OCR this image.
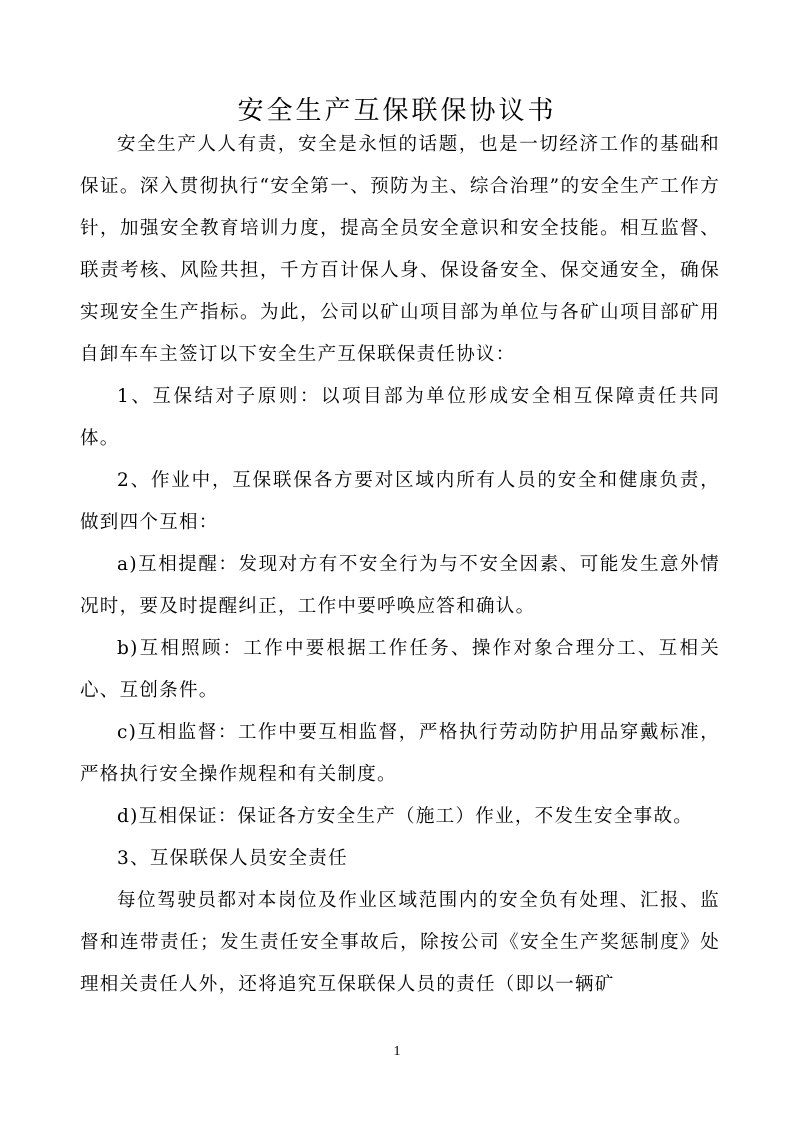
安全生产互保联保协议书

安全生产人人有责，安全是永恒的话题，也是一切经济工作的基础和保证。深入贯彻执行“安全第一、预防为主、综合治理”的安全生产工作方针，加强安全教育培训力度，提高全员安全意识和安全技能。相互监督、联责考核、风险共担，千方百计保人身、保设备安全、保交通安全，确保实现安全生产指标。为此，公司以矿山项目部为单位与各矿山项目部矿用自卸车车主签订以下安全生产互保联保责任协议：

1、互保结对子原则：以项目部为单位形成安全相互保障责任共同体。

2、作业中，互保联保各方要对区域内所有人员的安全和健康负责，做到四个互相：

a)互相提醒：发现对方有不安全行为与不安全因素、可能发生意外情况时，要及时提醒纠正，工作中要呼唤应答和确认。

b)互相照顾：工作中要根据工作任务、操作对象合理分工、互相关心、互创条件。

c)互相监督：工作中要互相监督，严格执行劳动防护用品穿戴标准，严格执行安全操作规程和有关制度。

d)互相保证：保证各方安全生产（施工）作业，不发生安全事故。

3、互保联保人员安全责任

每位驾驶员都对本岗位及作业区域范围内的安全负有处理、汇报、监督和连带责任；发生责任安全事故后，除按公司《安全生产奖惩制度》处理相关责任人外，还将追究互保联保人员的责任（即以一辆矿

1
